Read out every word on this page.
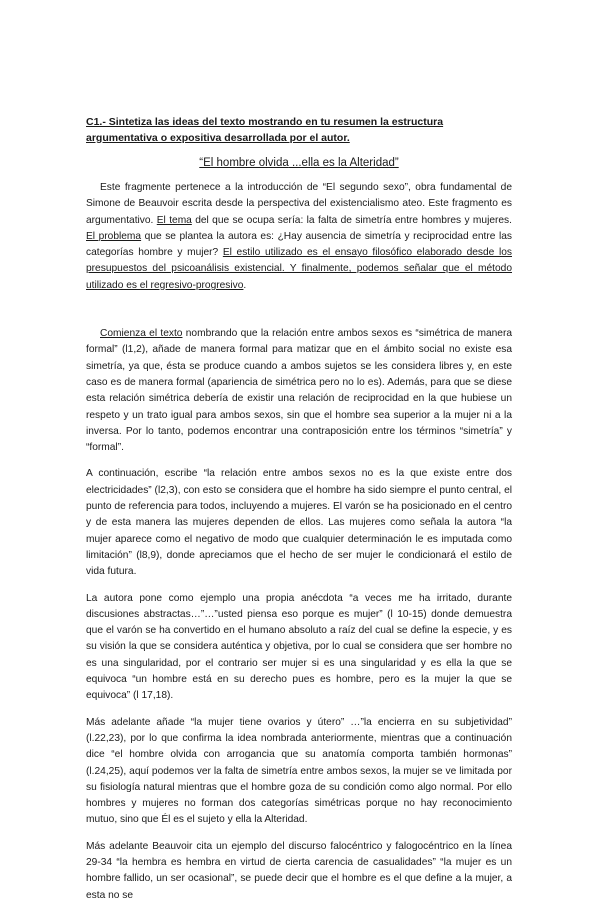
C1.- Sintetiza las ideas del texto mostrando en tu resumen la estructura argumentativa o expositiva desarrollada por el autor.
“El hombre olvida ...ella es la Alteridad”

Este fragmente pertenece a la introducción de “El segundo sexo”, obra fundamental de Simone de Beauvoir escrita desde la perspectiva del existencialismo ateo. Este fragmento es argumentativo. El tema del que se ocupa sería: la falta de simetría entre hombres y mujeres. El problema que se plantea la autora es: ¿Hay ausencia de simetría y reciprocidad entre las categorías hombre y mujer? El estilo utilizado es el ensayo filosófico elaborado desde los presupuestos del psicoanálisis existencial. Y finalmente, podemos señalar que el método utilizado es el regresivo-progresivo.

Comienza el texto nombrando que la relación entre ambos sexos es “simétrica de manera formal” (l1,2), añade de manera formal para matizar que en el ámbito social no existe esa simetría, ya que, ésta se produce cuando a ambos sujetos se les considera libres y, en este caso es de manera formal (apariencia de simétrica pero no lo es). Además, para que se diese esta relación simétrica debería de existir una relación de reciprocidad en la que hubiese un respeto y un trato igual para ambos sexos, sin que el hombre sea superior a la mujer ni a la inversa. Por lo tanto, podemos encontrar una contraposición entre los términos “simetría” y “formal”.

A continuación, escribe “la relación entre ambos sexos no es la que existe entre dos electricidades” (l2,3), con esto se considera que el hombre ha sido siempre el punto central, el punto de referencia para todos, incluyendo a mujeres. El varón se ha posicionado en el centro y de esta manera las mujeres dependen de ellos. Las mujeres como señala la autora “la mujer aparece como el negativo de modo que cualquier determinación le es imputada como limitación” (l8,9), donde apreciamos que el hecho de ser mujer le condicionará el estilo de vida futura.

La autora pone como ejemplo una propia anécdota “a veces me ha irritado, durante discusiones abstractas…”…”usted piensa eso porque es mujer” (l 10-15) donde demuestra que el varón se ha convertido en el humano absoluto a raíz del cual se define la especie, y es su visión la que se considera auténtica y objetiva, por lo cual se considera que ser hombre no es una singularidad, por el contrario ser mujer si es una singularidad y es ella la que se equivoca “un hombre está en su derecho pues es hombre, pero es la mujer la que se equivoca” (l 17,18).

Más adelante añade “la mujer tiene ovarios y útero” …”la encierra en su subjetividad” (l.22,23), por lo que confirma la idea nombrada anteriormente, mientras que a continuación dice “el hombre olvida con arrogancia que su anatomía comporta también hormonas” (l.24,25), aquí podemos ver la falta de simetría entre ambos sexos, la mujer se ve limitada por su fisiología natural mientras que el hombre goza de su condición como algo normal. Por ello hombres y mujeres no forman dos categorías simétricas porque no hay reconocimiento mutuo, sino que Él es el sujeto y ella la Alteridad.

Más adelante Beauvoir cita un ejemplo del discurso falocéntrico y falogocéntrico en la línea 29-34 “la hembra es hembra en virtud de cierta carencia de casualidades” “la mujer es un hombre fallido, un ser ocasional”, se puede decir que el hombre es el que define a la mujer, a esta no se
